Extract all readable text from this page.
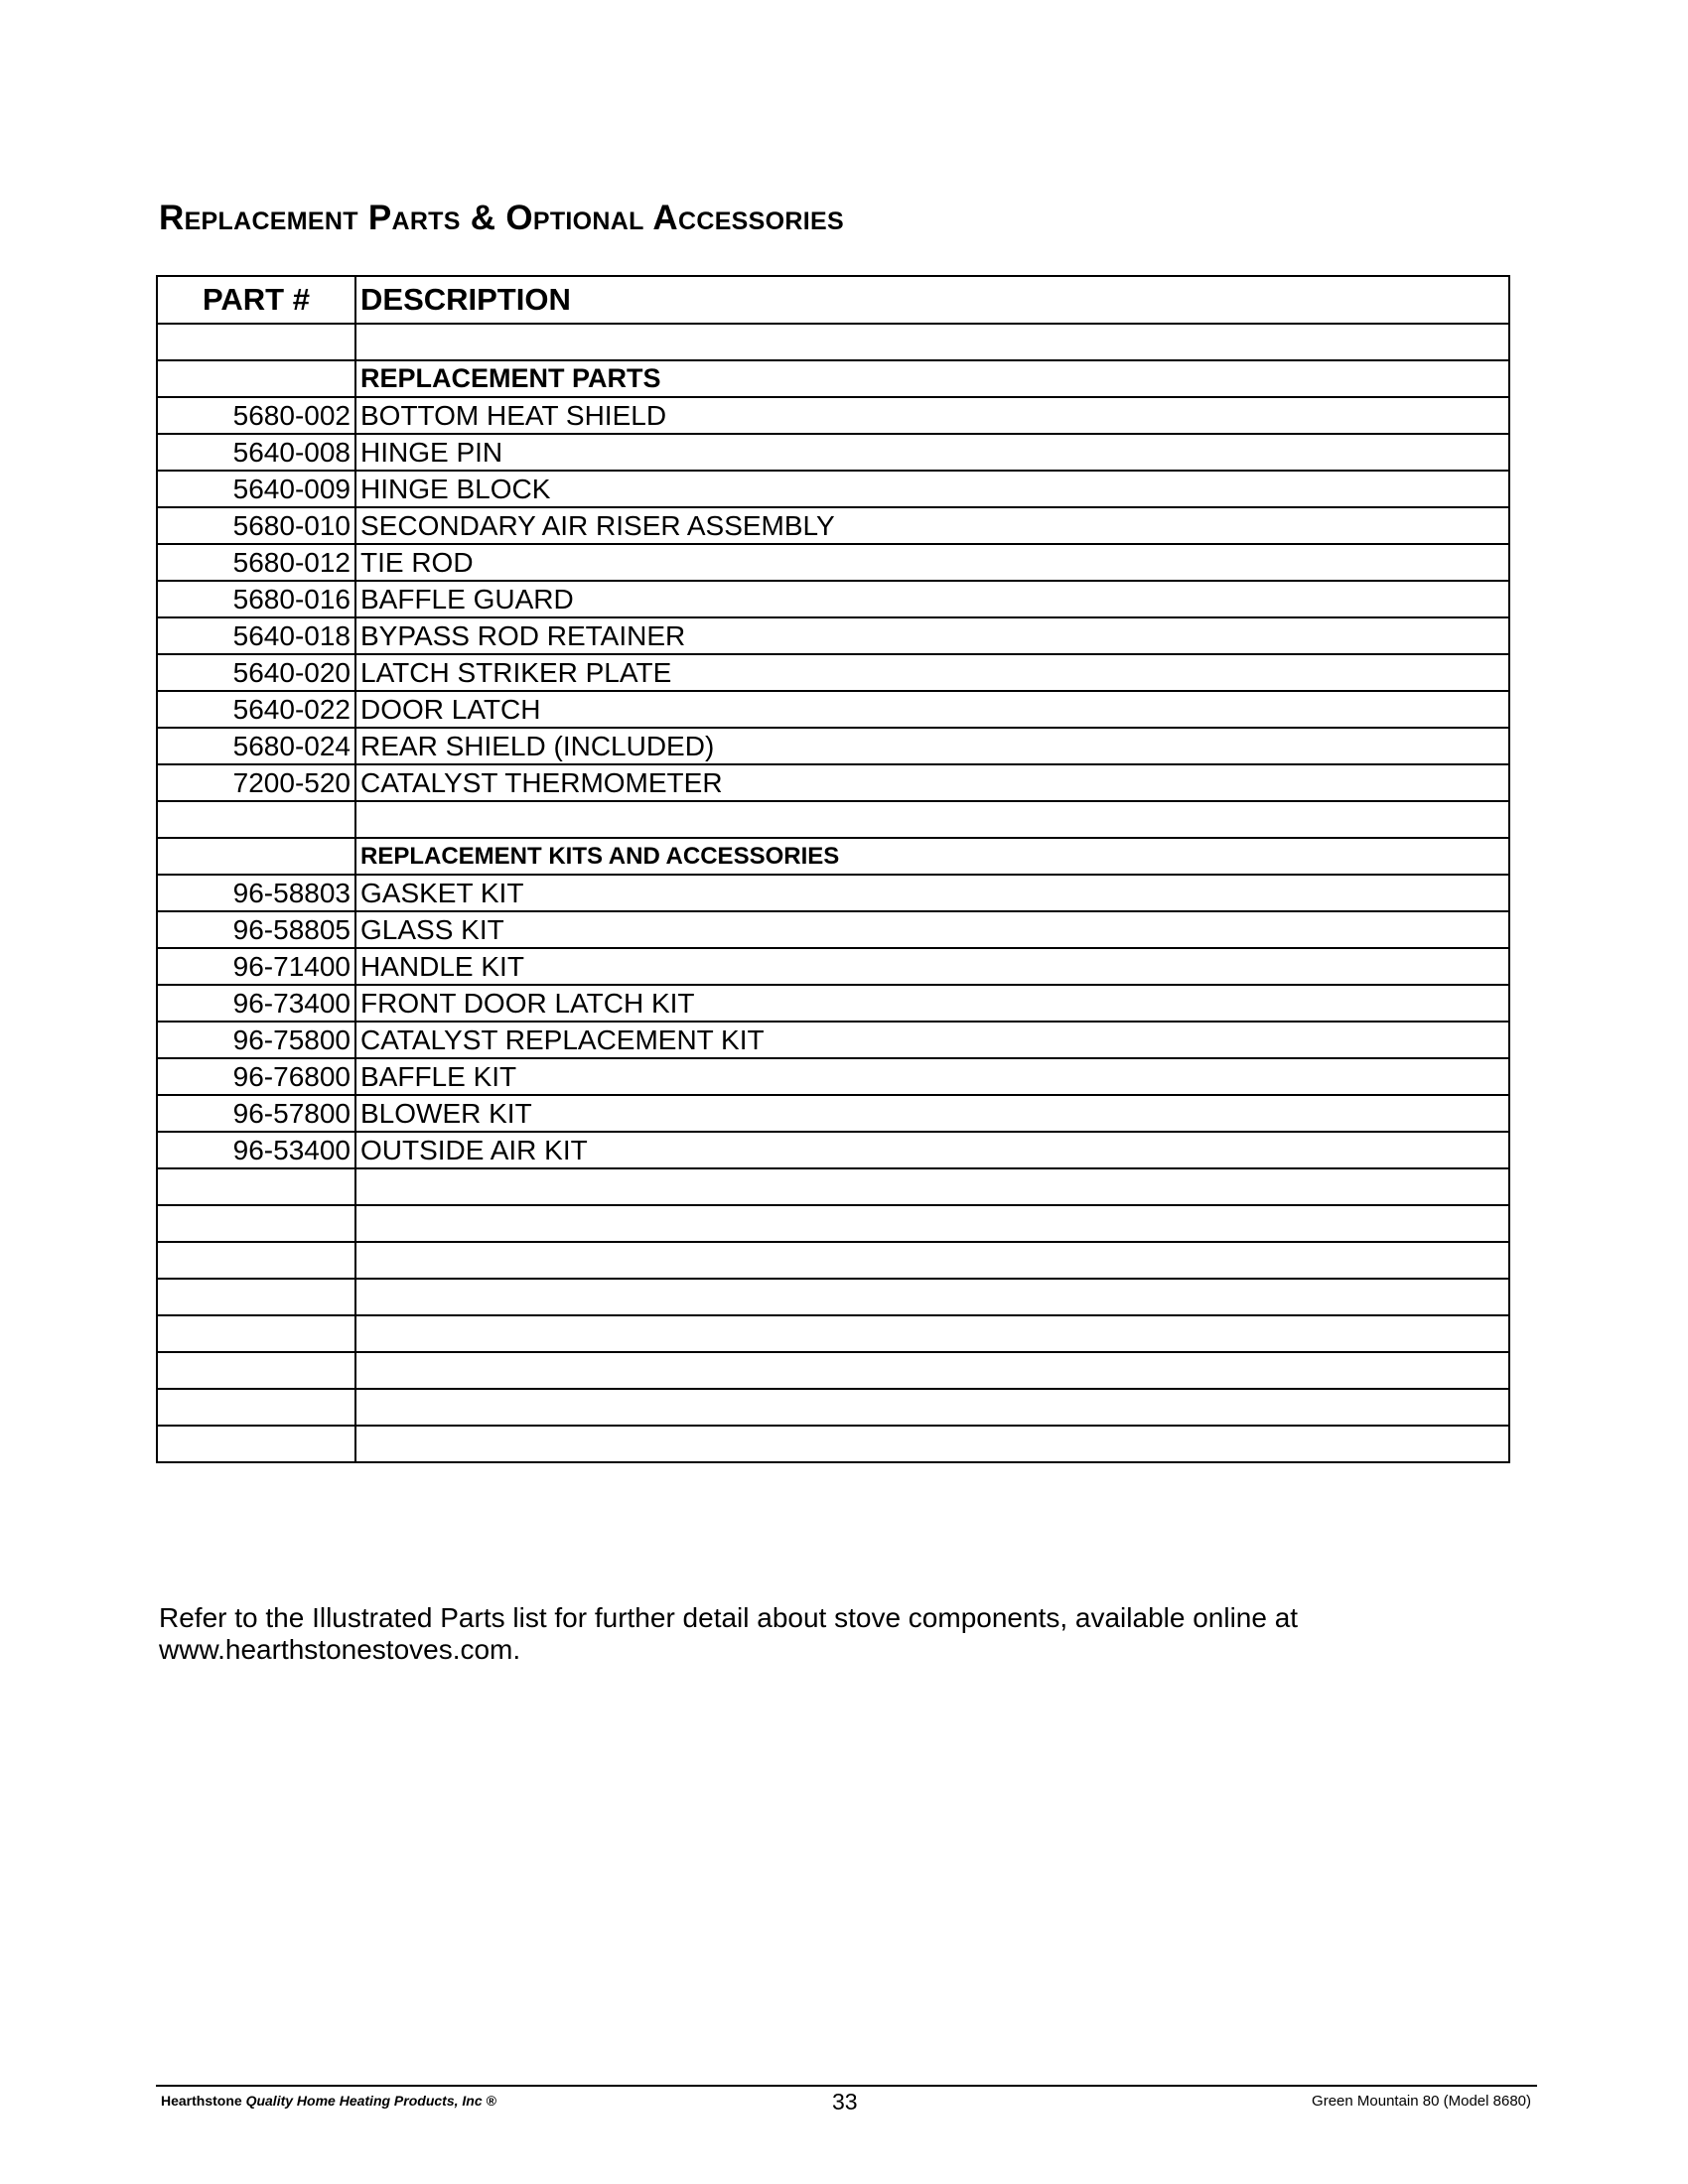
Replacement Parts & Optional Accessories
PART #	DESCRIPTION

	REPLACEMENT PARTS
5680-002	BOTTOM HEAT SHIELD
5640-008	HINGE PIN
5640-009	HINGE BLOCK
5680-010	SECONDARY AIR RISER ASSEMBLY
5680-012	TIE ROD
5680-016	BAFFLE GUARD
5640-018	BYPASS ROD RETAINER
5640-020	LATCH STRIKER PLATE
5640-022	DOOR LATCH
5680-024	REAR SHIELD (INCLUDED)
7200-520	CATALYST THERMOMETER

	REPLACEMENT KITS AND ACCESSORIES
96-58803	GASKET KIT
96-58805	GLASS KIT
96-71400	HANDLE KIT
96-73400	FRONT DOOR LATCH KIT
96-75800	CATALYST REPLACEMENT KIT
96-76800	BAFFLE KIT
96-57800	BLOWER KIT
96-53400	OUTSIDE AIR KIT

Refer to the Illustrated Parts list for further detail about stove components, available online at www.hearthstonestoves.com.

Hearthstone Quality Home Heating Products, Inc ®	33	Green Mountain 80 (Model 8680)
